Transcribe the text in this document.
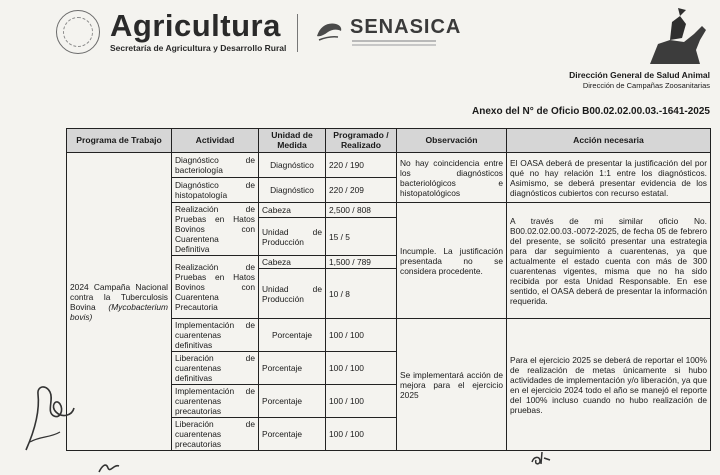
Agricultura
Secretaría de Agricultura y Desarrollo Rural
SENASICA
Dirección General de Salud Animal
Dirección de Campañas Zoosanitarias
Anexo del N° de Oficio B00.02.02.00.03.-1641-2025
Programa de Trabajo	Actividad	Unidad de Medida	Programado / Realizado	Observación	Acción necesaria
2024 Campaña Nacional contra la Tuberculosis Bovina (Mycobacterium bovis)	Diagnóstico de bacteriología	Diagnóstico	220 / 190	No hay coincidencia entre los diagnósticos bacteriológicos e histopatológicos	El OASA deberá de presentar la justificación del por qué no hay relación 1:1 entre los diagnósticos. Asimismo, se deberá presentar evidencia de los diagnósticos cubiertos con recurso estatal.
	Diagnóstico de histopatología	Diagnóstico	220 / 209		
	Realización de Pruebas en Hatos Bovinos con Cuarentena Definitiva	Cabeza	2,500 / 808	Incumple. La justificación presentada no se considera procedente.	A través de mi similar oficio No. B00.02.02.00.03.-0072-2025, de fecha 05 de febrero del presente, se solicitó presentar una estrategia para dar seguimiento a cuarentenas, ya que actualmente el estado cuenta con más de 300 cuarentenas vigentes, misma que no ha sido recibida por esta Unidad Responsable. En ese sentido, el OASA deberá de presentar la información requerida.
		Unidad de Producción	15 / 5		
	Realización de Pruebas en Hatos Bovinos con Cuarentena Precautoria	Cabeza	1,500 / 789		
		Unidad de Producción	10 / 8		
	Implementación de cuarentenas definitivas	Porcentaje	100 / 100	Se implementará acción de mejora para el ejercicio 2025	Para el ejercicio 2025 se deberá de reportar el 100% de realización de metas únicamente si hubo actividades de implementación y/o liberación, ya que en el ejercicio 2024 todo el año se manejó el reporte del 100% incluso cuando no hubo realización de pruebas.
	Liberación de cuarentenas definitivas	Porcentaje	100 / 100		
	Implementación de cuarentenas precautorias	Porcentaje	100 / 100		
	Liberación de cuarentenas precautorias	Porcentaje	100 / 100		
